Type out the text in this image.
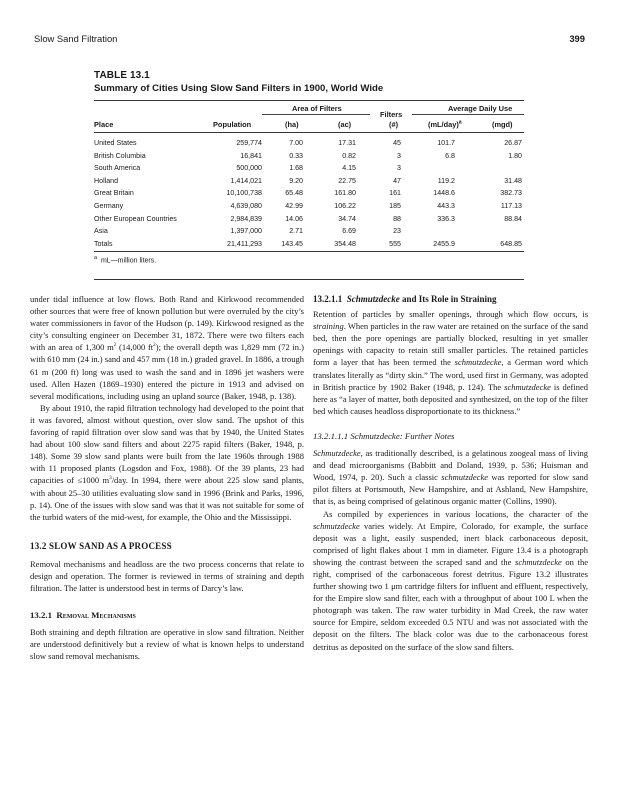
Slow Sand Filtration	399
TABLE 13.1
Summary of Cities Using Slow Sand Filters in 1900, World Wide
Area of Filters
Filters
Average Daily Use
Place	Population	(ha)	(ac)	(#)	$(mL/day)^a$	(mgd)
United States	259,774	7.00	17.31	45	101.7	26.87
British Columbia	16,841	0.33	0.82	3	6.8	1.80
South America	500,000	1.68	4.15	3
Holland	1,414,021	9.20	22.75	47	119.2	31.48
Great Britain	10,100,738	65.48	161.80	161	1448.6	382.73
Germany	4,639,080	42.99	106.22	185	443.3	117.13
Other European Countries	2,984,839	14.06	34.74	88	336.3	88.84
Asia	1,397,000	2.71	6.69	23
Totals	21,411,293	143.45	354.48	555	2455.9	648.85
$^a$ mL—million liters.

under tidal influence at low flows. Both Rand and Kirkwood recommended other sources that were free of known pollution but were overruled by the city’s water commissioners in favor of the Hudson (p. 149). Kirkwood resigned as the city’s consulting engineer on December 31, 1872. There were two filters each with an area of 1,300 $m^2$ (14,000 $ft^2$); the overall depth was 1,829 mm (72 in.) with 610 mm (24 in.) sand and 457 mm (18 in.) graded gravel. In 1886, a trough 61 m (200 ft) long was used to wash the sand and in 1896 jet washers were used. Allen Hazen (1869–1930) entered the picture in 1913 and advised on several modifications, including using an upland source (Baker, 1948, p. 138).

By about 1910, the rapid filtration technology had developed to the point that it was favored, almost without question, over slow sand. The upshot of this favoring of rapid filtration over slow sand was that by 1940, the United States had about 100 slow sand filters and about 2275 rapid filters (Baker, 1948, p. 148). Some 39 slow sand plants were built from the late 1960s through 1988 with 11 proposed plants (Logsdon and Fox, 1988). Of the 39 plants, 23 had capacities of ≤1000 $m^3$/day. In 1994, there were about 225 slow sand plants, with about 25–30 utilities evaluating slow sand in 1996 (Brink and Parks, 1996, p. 14). One of the issues with slow sand was that it was not suitable for some of the turbid waters of the mid-west, for example, the Ohio and the Mississippi.

13.2 SLOW SAND AS A PROCESS

Removal mechanisms and headloss are the two process concerns that relate to design and operation. The former is reviewed in terms of straining and depth filtration. The latter is understood best in terms of Darcy’s law.

13.2.1 Removal Mechanisms

Both straining and depth filtration are operative in slow sand filtration. Neither are understood definitively but a review of what is known helps to understand slow sand removal mechanisms.

13.2.1.1 Schmutzdecke and Its Role in Straining

Retention of particles by smaller openings, through which flow occurs, is straining. When particles in the raw water are retained on the surface of the sand bed, then the pore openings are partially blocked, resulting in yet smaller openings with capacity to retain still smaller particles. The retained particles form a layer that has been termed the schmutzdecke, a German word which translates literally as “dirty skin.” The word, used first in Germany, was adopted in British practice by 1902 Baker (1948, p. 124). The schmutzdecke is defined here as “a layer of matter, both deposited and synthesized, on the top of the filter bed which causes headloss disproportionate to its thickness.”

13.2.1.1.1 Schmutzdecke: Further Notes

Schmutzdecke, as traditionally described, is a gelatinous zoogeal mass of living and dead microorganisms (Babbitt and Doland, 1939, p. 536; Huisman and Wood, 1974, p. 20). Such a classic schmutzdecke was reported for slow sand pilot filters at Portsmouth, New Hampshire, and at Ashland, New Hampshire, that is, as being comprised of gelatinous organic matter (Collins, 1990).

As compiled by experiences in various locations, the character of the schmutzdecke varies widely. At Empire, Colorado, for example, the surface deposit was a light, easily suspended, inert black carbonaceous deposit, comprised of light flakes about 1 mm in diameter. Figure 13.4 is a photograph showing the contrast between the scraped sand and the schmutzdecke on the right, comprised of the carbonaceous forest detritus. Figure 13.2 illustrates further showing two 1 μm cartridge filters for influent and effluent, respectively, for the Empire slow sand filter, each with a throughput of about 100 L when the photograph was taken. The raw water turbidity in Mad Creek, the raw water source for Empire, seldom exceeded 0.5 NTU and was not associated with the deposit on the filters. The black color was due to the carbonaceous forest detritus as deposited on the surface of the slow sand filters.
